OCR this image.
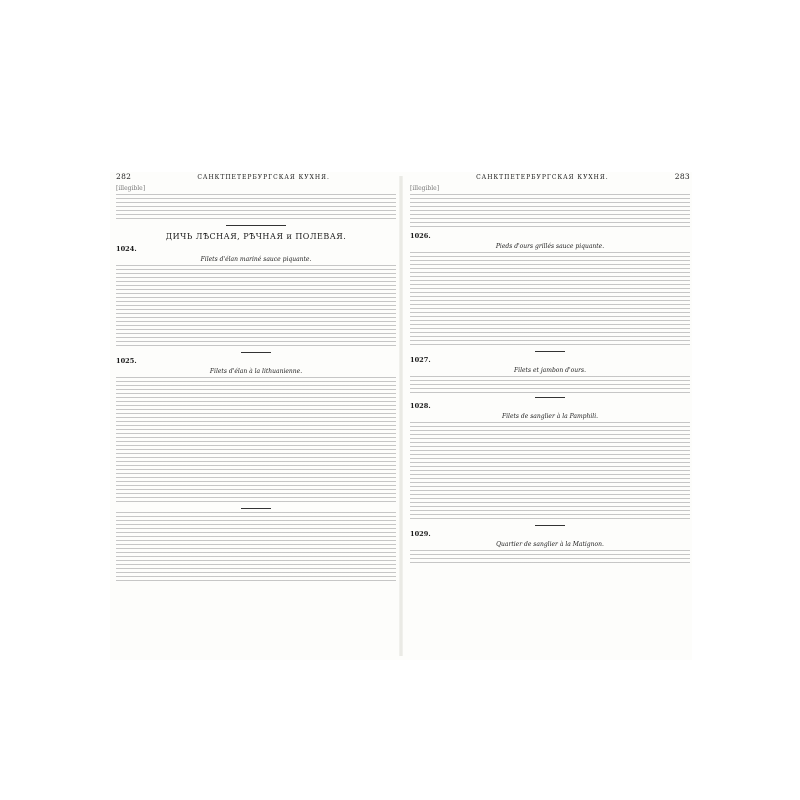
282	САНКТПЕТЕРБУРГСКАЯ КУХНЯ.
[illegible]
ДИЧЬ ЛѢСНАЯ, РѢЧНАЯ и ПОЛЕВАЯ.
1024.
Filets d'élan mariné sauce piquante.
1025.
Filets d'élan à la lithuanienne.
САНКТПЕТЕРБУРГСКАЯ КУХНЯ.	283
[illegible]
1026.
Pieds d'ours grillés sauce piquante.
1027.
Filets et jambon d'ours.
1028.
Filets de sanglier à la Pamphili.
1029.
Quartier de sanglier à la Matignon.
